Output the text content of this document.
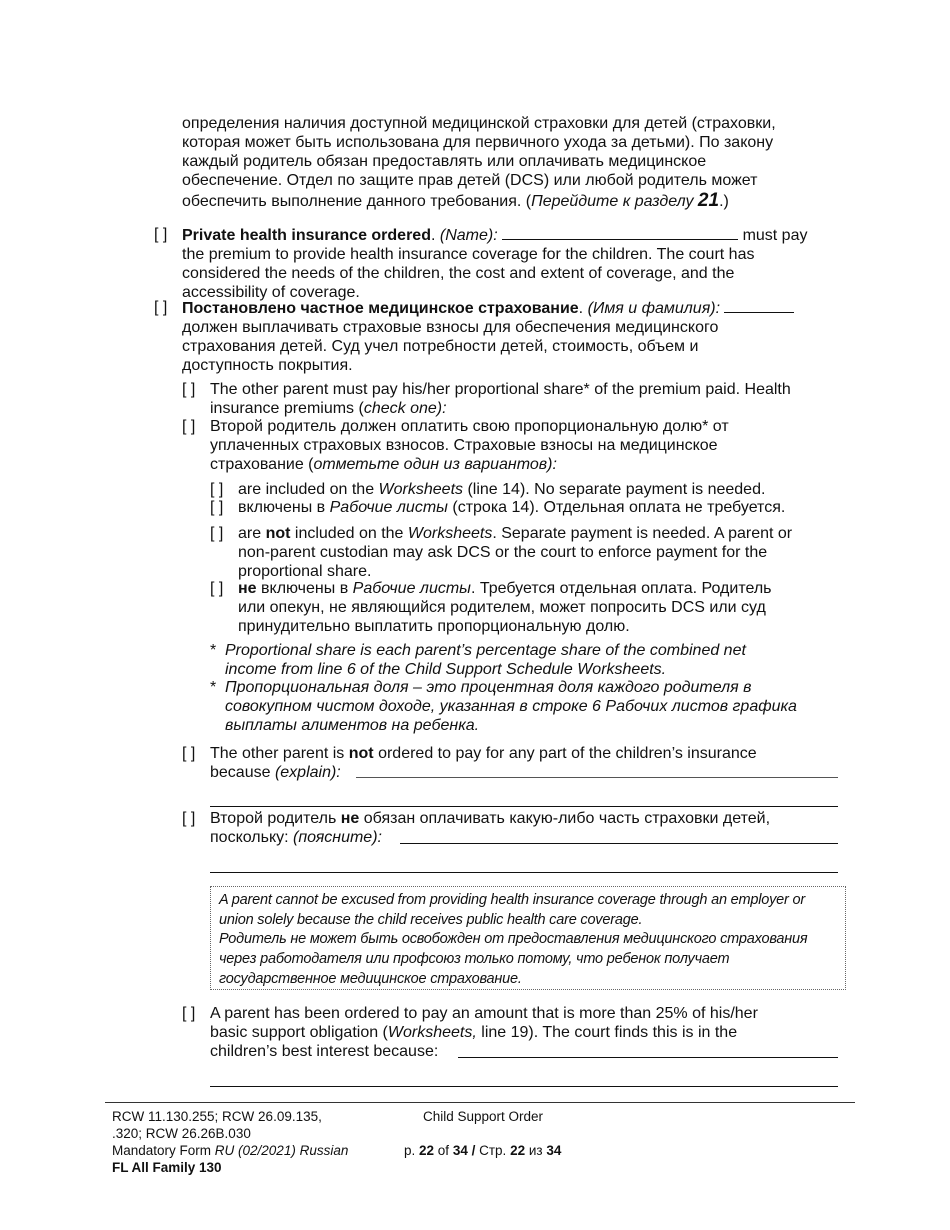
определения наличия доступной медицинской страховки для детей (страховки,

которая может быть использована для первичного ухода за детьми). По закону

каждый родитель обязан предоставлять или оплачивать медицинское

обеспечение. Отдел по защите прав детей (DCS) или любой родитель может

обеспечить выполнение данного требования. (Перейдите к разделу 21.)

[ ] Private health insurance ordered. (Name):	must pay

the premium to provide health insurance coverage for the children. The court has

considered the needs of the children, the cost and extent of coverage, and the

accessibility of coverage.

[ ] Постановлено частное медицинское страхование. (Имя и фамилия):

должен выплачивать страховые взносы для обеспечения медицинского

страхования детей. Суд учел потребности детей, стоимость, объем и

доступность покрытия.

[ ] The other parent must pay his/her proportional share* of the premium paid. Health

insurance premiums (check one):

[ ] Второй родитель должен оплатить свою пропорциональную долю* от

уплаченных страховых взносов. Страховые взносы на медицинское

страхование (отметьте один из вариантов):

[ ] are included on the Worksheets (line 14). No separate payment is needed.

[ ] включены в Рабочие листы (строка 14). Отдельная оплата не требуется.

[ ] are not included on the Worksheets. Separate payment is needed. A parent or

non-parent custodian may ask DCS or the court to enforce payment for the

proportional share.

[ ] не включены в Рабочие листы. Требуется отдельная оплата. Родитель

или опекун, не являющийся родителем, может попросить DCS или суд

принудительно выплатить пропорциональную долю.

* Proportional share is each parent’s percentage share of the combined net

income from line 6 of the Child Support Schedule Worksheets.

* Пропорциональная доля – это процентная доля каждого родителя в

совокупном чистом доходе, указанная в строке 6 Рабочих листов графика

выплаты алиментов на ребенка.

[ ] The other parent is not ordered to pay for any part of the children’s insurance

because (explain):

[ ] Второй родитель не обязан оплачивать какую-либо часть страховки детей,

поскольку: (поясните):

A parent cannot be excused from providing health insurance coverage through an employer or

union solely because the child receives public health care coverage.

Родитель не может быть освобожден от предоставления медицинского страхования

через работодателя или профсоюз только потому, что ребенок получает

государственное медицинское страхование.

[ ] A parent has been ordered to pay an amount that is more than 25% of his/her

basic support obligation (Worksheets, line 19). The court finds this is in the

children’s best interest because:

RCW 11.130.255; RCW 26.09.135,

.320; RCW 26.26B.030

Mandatory Form RU (02/2021) Russian

FL All Family 130

Child Support Order
p. 22 of 34 / Стр. 22 из 34
